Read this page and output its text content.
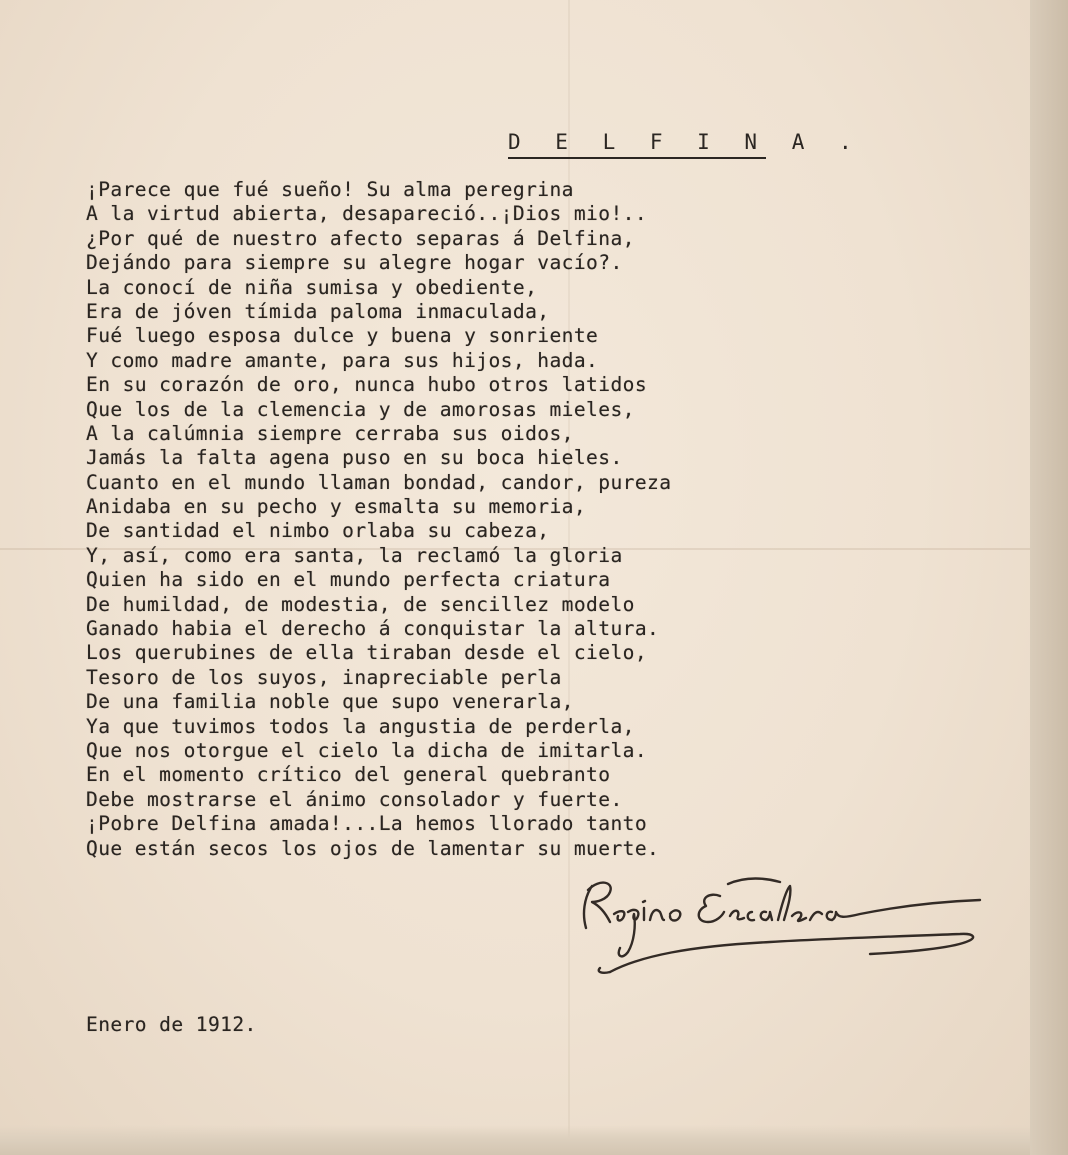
D E L F I N A .
¡Parece que fué sueño! Su alma peregrina
A la virtud abierta, desapareció..¡Dios mio!..
¿Por qué de nuestro afecto separas á Delfina,
Dejándo para siempre su alegre hogar vacío?.
La conocí de niña sumisa y obediente,
Era de jóven tímida paloma inmaculada,
Fué luego esposa dulce y buena y sonriente
Y como madre amante, para sus hijos, hada.
En su corazón de oro, nunca hubo otros latidos
Que los de la clemencia y de amorosas mieles,
A la calúmnia siempre cerraba sus oidos,
Jamás la falta agena puso en su boca hieles.
Cuanto en el mundo llaman bondad, candor, pureza
Anidaba en su pecho y esmalta su memoria,
De santidad el nimbo orlaba su cabeza,
Y, así, como era santa, la reclamó la gloria
Quien ha sido en el mundo perfecta criatura
De humildad, de modestia, de sencillez modelo
Ganado habia el derecho á conquistar la altura.
Los querubines de ella tiraban desde el cielo,
Tesoro de los suyos, inapreciable perla
De una familia noble que supo venerarla,
Ya que tuvimos todos la angustia de perderla,
Que nos otorgue el cielo la dicha de imitarla.
En el momento crítico del general quebranto
Debe mostrarse el ánimo consolador y fuerte.
¡Pobre Delfina amada!...La hemos llorado tanto
Que están secos los ojos de lamentar su muerte.
Enero de 1912.
